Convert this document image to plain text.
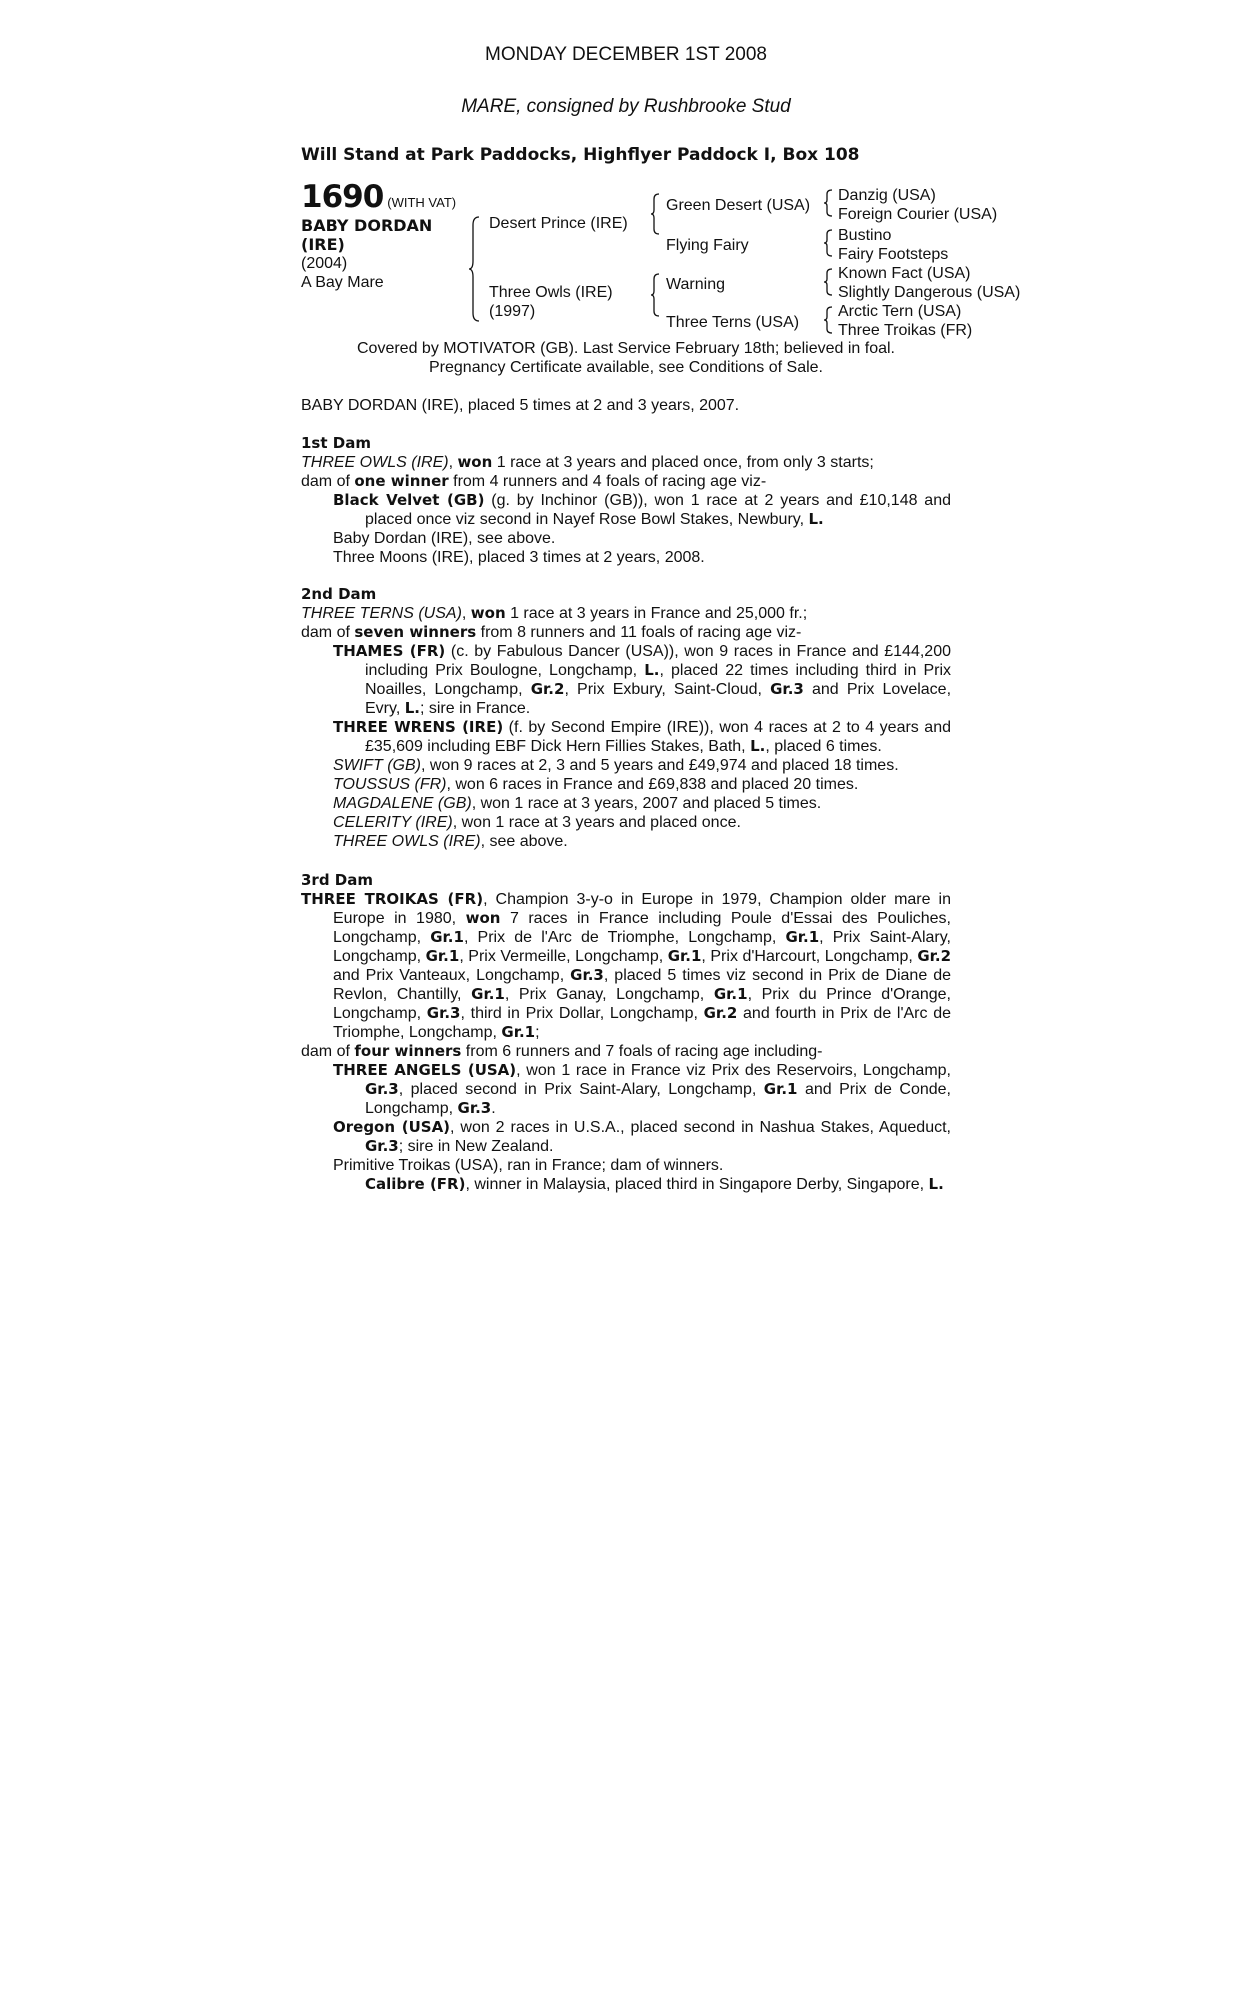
MONDAY DECEMBER 1ST 2008
MARE, consigned by Rushbrooke Stud
Will Stand at Park Paddocks, Highflyer Paddock I, Box 108
1690 (WITH VAT)
BABY DORDAN
(IRE)
(2004)
A Bay Mare
Desert Prince (IRE)
Three Owls (IRE)
(1997)
Green Desert (USA)
Flying Fairy
Warning
Three Terns (USA)
Danzig (USA)
Foreign Courier (USA)
Bustino
Fairy Footsteps
Known Fact (USA)
Slightly Dangerous (USA)
Arctic Tern (USA)
Three Troikas (FR)
Covered by MOTIVATOR (GB). Last Service February 18th; believed in foal.
Pregnancy Certificate available, see Conditions of Sale.
BABY DORDAN (IRE), placed 5 times at 2 and 3 years, 2007.
1st Dam
THREE OWLS (IRE), won 1 race at 3 years and placed once, from only 3 starts;
dam of one winner from 4 runners and 4 foals of racing age viz-
Black Velvet (GB) (g. by Inchinor (GB)), won 1 race at 2 years and £10,148 and placed once viz second in Nayef Rose Bowl Stakes, Newbury, L.
Baby Dordan (IRE), see above.
Three Moons (IRE), placed 3 times at 2 years, 2008.
2nd Dam
THREE TERNS (USA), won 1 race at 3 years in France and 25,000 fr.;
dam of seven winners from 8 runners and 11 foals of racing age viz-
THAMES (FR) (c. by Fabulous Dancer (USA)), won 9 races in France and £144,200 including Prix Boulogne, Longchamp, L., placed 22 times including third in Prix Noailles, Longchamp, Gr.2, Prix Exbury, Saint-Cloud, Gr.3 and Prix Lovelace, Evry, L.; sire in France.
THREE WRENS (IRE) (f. by Second Empire (IRE)), won 4 races at 2 to 4 years and £35,609 including EBF Dick Hern Fillies Stakes, Bath, L., placed 6 times.
SWIFT (GB), won 9 races at 2, 3 and 5 years and £49,974 and placed 18 times.
TOUSSUS (FR), won 6 races in France and £69,838 and placed 20 times.
MAGDALENE (GB), won 1 race at 3 years, 2007 and placed 5 times.
CELERITY (IRE), won 1 race at 3 years and placed once.
THREE OWLS (IRE), see above.
3rd Dam
THREE TROIKAS (FR), Champion 3-y-o in Europe in 1979, Champion older mare in Europe in 1980, won 7 races in France including Poule d'Essai des Pouliches, Longchamp, Gr.1, Prix de l'Arc de Triomphe, Longchamp, Gr.1, Prix Saint-Alary, Longchamp, Gr.1, Prix Vermeille, Longchamp, Gr.1, Prix d'Harcourt, Longchamp, Gr.2 and Prix Vanteaux, Longchamp, Gr.3, placed 5 times viz second in Prix de Diane de Revlon, Chantilly, Gr.1, Prix Ganay, Longchamp, Gr.1, Prix du Prince d'Orange, Longchamp, Gr.3, third in Prix Dollar, Longchamp, Gr.2 and fourth in Prix de l'Arc de Triomphe, Longchamp, Gr.1;
dam of four winners from 6 runners and 7 foals of racing age including-
THREE ANGELS (USA), won 1 race in France viz Prix des Reservoirs, Longchamp, Gr.3, placed second in Prix Saint-Alary, Longchamp, Gr.1 and Prix de Conde, Longchamp, Gr.3.
Oregon (USA), won 2 races in U.S.A., placed second in Nashua Stakes, Aqueduct, Gr.3; sire in New Zealand.
Primitive Troikas (USA), ran in France; dam of winners.
Calibre (FR), winner in Malaysia, placed third in Singapore Derby, Singapore, L.
